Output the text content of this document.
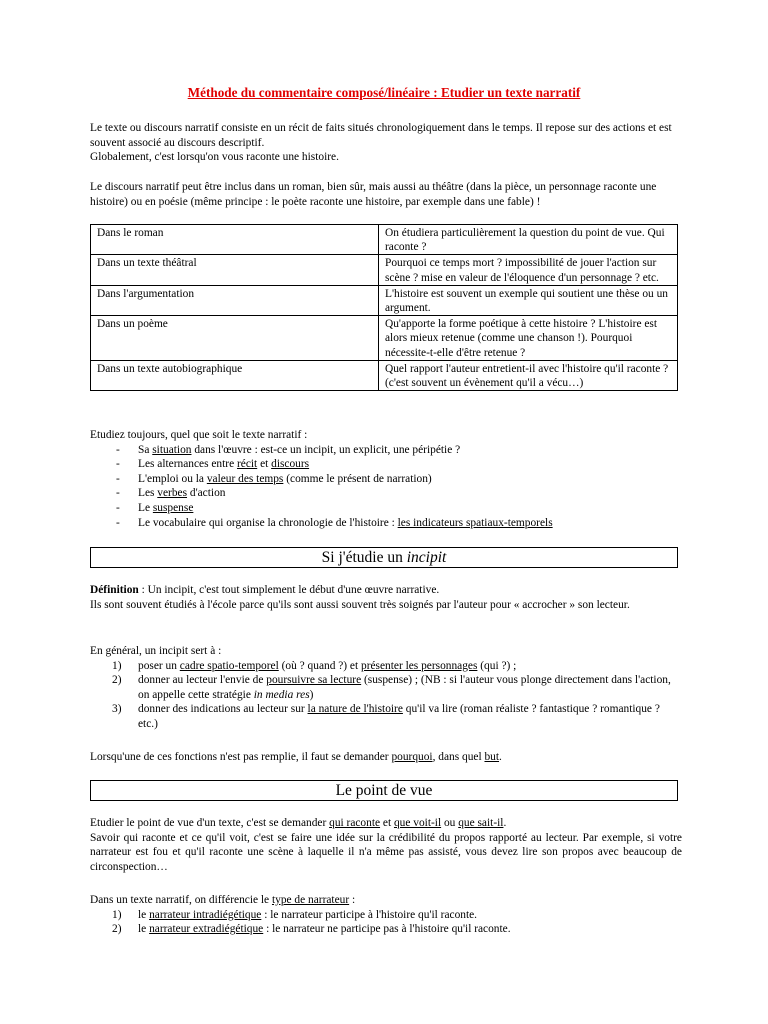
Méthode du commentaire composé/linéaire : Etudier un texte narratif

Le texte ou discours narratif consiste en un récit de faits situés chronologiquement dans le temps. Il repose sur des actions et est souvent associé au discours descriptif.

Globalement, c'est lorsqu'on vous raconte une histoire.

Le discours narratif peut être inclus dans un roman, bien sûr, mais aussi au théâtre (dans la pièce, un personnage raconte une histoire) ou en poésie (même principe : le poète raconte une histoire, par exemple dans une fable) !

Dans le roman	On étudiera particulièrement la question du point de vue. Qui raconte ?
Dans un texte théâtral	Pourquoi ce temps mort ? impossibilité de jouer l'action sur scène ? mise en valeur de l'éloquence d'un personnage ? etc.
Dans l'argumentation	L'histoire est souvent un exemple qui soutient une thèse ou un argument.
Dans un poème	Qu'apporte la forme poétique à cette histoire ? L'histoire est alors mieux retenue (comme une chanson !). Pourquoi nécessite-t-elle d'être retenue ?
Dans un texte autobiographique	Quel rapport l'auteur entretient-il avec l'histoire qu'il raconte ? (c'est souvent un évènement qu'il a vécu…)

Etudiez toujours, quel que soit le texte narratif :

- Sa situation dans l'œuvre : est-ce un incipit, un explicit, une péripétie ?
- Les alternances entre récit et discours
- L'emploi ou la valeur des temps (comme le présent de narration)
- Les verbes d'action
- Le suspense
- Le vocabulaire qui organise la chronologie de l'histoire : les indicateurs spatiaux-temporels
Si j'étudie un incipit

Définition : Un incipit, c'est tout simplement le début d'une œuvre narrative.

Ils sont souvent étudiés à l'école parce qu'ils sont aussi souvent très soignés par l'auteur pour « accrocher » son lecteur.

En général, un incipit sert à :

1) poser un cadre spatio-temporel (où ? quand ?) et présenter les personnages (qui ?) ;
2) donner au lecteur l'envie de poursuivre sa lecture (suspense) ; (NB : si l'auteur vous plonge directement dans l'action, on appelle cette stratégie in media res)
3) donner des indications au lecteur sur la nature de l'histoire qu'il va lire (roman réaliste ? fantastique ? romantique ? etc.)

Lorsqu'une de ces fonctions n'est pas remplie, il faut se demander pourquoi, dans quel but.

Le point de vue

Etudier le point de vue d'un texte, c'est se demander qui raconte et que voit-il ou que sait-il.

Savoir qui raconte et ce qu'il voit, c'est se faire une idée sur la crédibilité du propos rapporté au lecteur. Par exemple, si votre narrateur est fou et qu'il raconte une scène à laquelle il n'a même pas assisté, vous devez lire son propos avec beaucoup de circonspection…

Dans un texte narratif, on différencie le type de narrateur :

1) le narrateur intradiégétique : le narrateur participe à l'histoire qu'il raconte.
2) le narrateur extradiégétique : le narrateur ne participe pas à l'histoire qu'il raconte.
